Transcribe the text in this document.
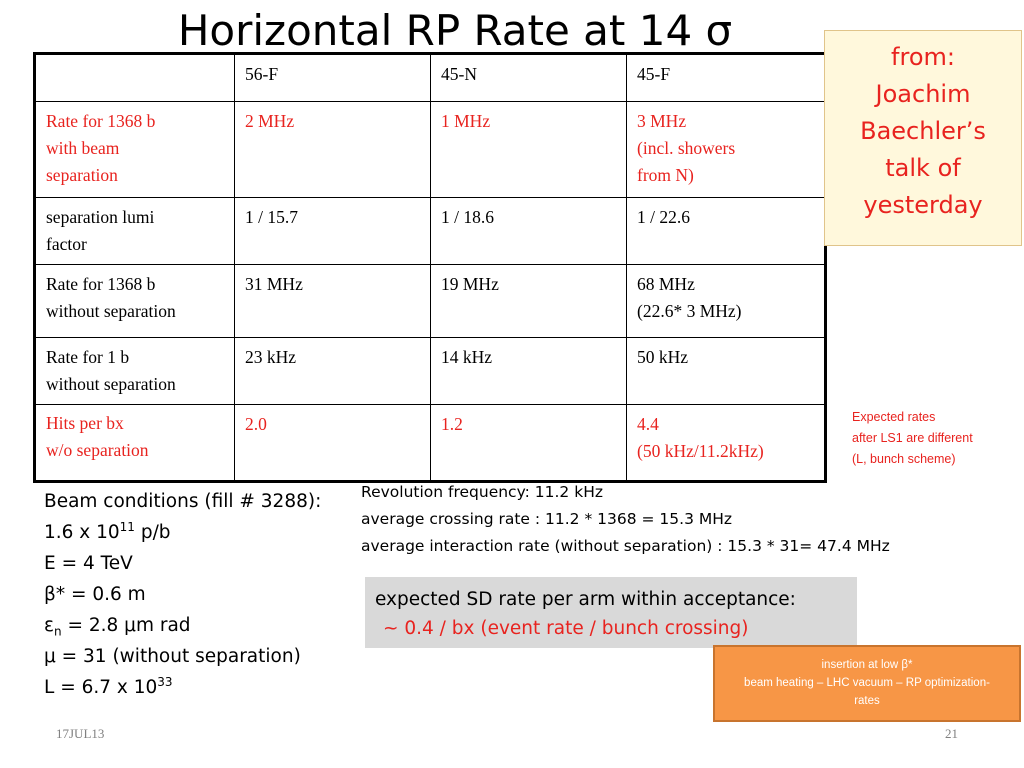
Horizontal RP Rate at 14 σ
	56-F	45-N	45-F

Rate for 1368 b
with beam
separation	2 MHz	1 MHz	3 MHz
(incl. showers
from N)

separation lumi
factor	1 / 15.7	1 / 18.6	1 / 22.6

Rate for 1368 b
without separation	31 MHz	19 MHz	68 MHz
(22.6* 3 MHz)

Rate for 1 b
without separation	23 kHz	14 kHz	50 kHz

Hits per bx
w/o separation	2.0	1.2	4.4
(50 kHz/11.2kHz)
from:
Joachim
Baechler’s
talk of
yesterday
Expected rates
after LS1 are different
(L, bunch scheme)
Beam conditions (fill # 3288):
1.6 x $10^{11}$ p/b
E = 4 TeV
β* = 0.6 m
$\varepsilon_n = 2.8$ μm rad
μ = 31 (without separation)
L = 6.7 x $10^{33}$
Revolution frequency: 11.2 kHz
average crossing rate : 11.2 * 1368 = 15.3 MHz
average interaction rate (without separation) : 15.3 * 31= 47.4 MHz
expected SD rate per arm within acceptance:
~ 0.4 / bx (event rate / bunch crossing)
insertion at low β*
beam heating – LHC vacuum – RP optimization-
rates
17JUL13	21
